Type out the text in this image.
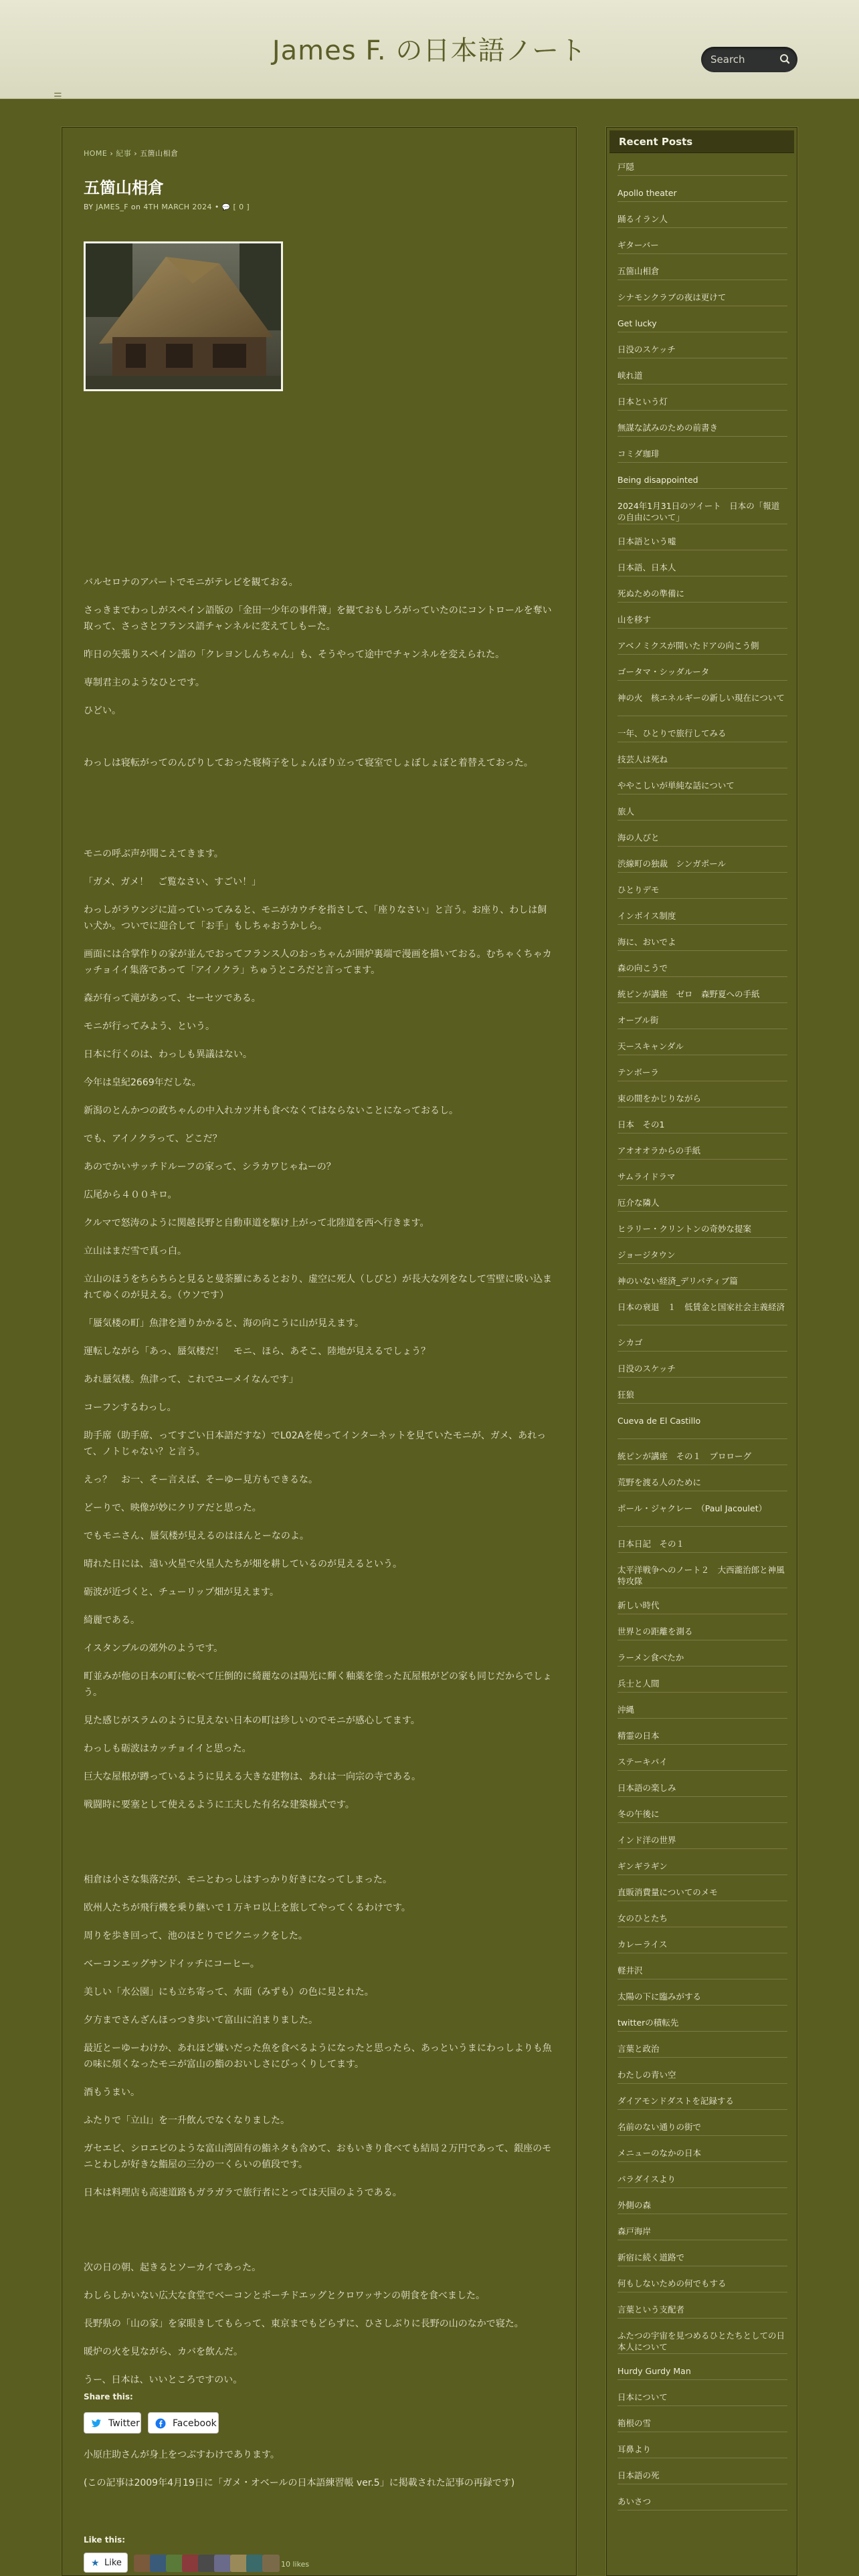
James F. の日本語ノート
Search
☰
HOME › 紀事 › 五箇山相倉
五箇山相倉
BY JAMES_F on 4TH MARCH 2024 • 💬 [ 0 ]

バルセロナのアパートでモニがテレビを観ておる。

さっきまでわっしがスペイン語版の「金田一少年の事件簿」を観ておもしろがっていたのにコントロールを奪い取って、さっさとフランス語チャンネルに変えてしもーた。

昨日の矢張りスペイン語の「クレヨンしんちゃん」も、そうやって途中でチャンネルを変えられた。

専制君主のようなひとです。

ひどい。

わっしは寝転がってのんびりしておった寝椅子をしょんぼり立って寝室でしょぼしょぼと着替えておった。

モニの呼ぶ声が聞こえてきます。

「ガメ、ガメ！　ご覧なさい、すごい！」

わっしがラウンジに這っていってみると、モニがカウチを指さして、「座りなさい」と言う。お座り、わしは飼い犬か。ついでに迎合して「お手」もしちゃおうかしら。

画面には合掌作りの家が並んでおってフランス人のおっちゃんが囲炉裏端で漫画を描いておる。むちゃくちゃカッチョイイ集落であって「アイノクラ」ちゅうところだと言ってます。

森が有って滝があって、セーセツである。

モニが行ってみよう、という。

日本に行くのは、わっしも異議はない。

今年は皇紀2669年だしな。

新潟のとんかつの政ちゃんの中入れカツ丼も食べなくてはならないことになっておるし。

でも、アイノクラって、どこだ？

あのでかいサッチドルーフの家って、シラカワじゃねーの？

広尾から４００キロ。

クルマで怒涛のように関越長野と自動車道を駆け上がって北陸道を西へ行きます。

立山はまだ雪で真っ白。

立山のほうをちらちらと見ると曼荼羅にあるとおり、虚空に死人（しびと）が長大な列をなして雪壁に吸い込まれてゆくのが見える。（ウソです）

「蜃気楼の町」魚津を通りかかると、海の向こうに山が見えます。

運転しながら「あっ、蜃気楼だ！　モニ、ほら、あそこ、陸地が見えるでしょう？

あれ蜃気楼。魚津って、これでユーメイなんです」

コーフンするわっし。

助手席（助手席、ってすごい日本語だすな）でL02Aを使ってインターネットを見ていたモニが、ガメ、あれって、ノトじゃない？と言う。

えっ？　お一、そー言えば、そーゆー見方もできるな。

どーりで、映像が妙にクリアだと思った。

でもモニさん、蜃気楼が見えるのはほんとーなのよ。

晴れた日には、遠い火星で火星人たちが畑を耕しているのが見えるという。

砺波が近づくと、チューリップ畑が見えます。

綺麗である。

イスタンブルの郊外のようです。

町並みが他の日本の町に較べて圧倒的に綺麗なのは陽光に輝く釉薬を塗った瓦屋根がどの家も同じだからでしょう。

見た感じがスラムのように見えない日本の町は珍しいのでモニが感心してます。

わっしも砺波はカッチョイイと思った。

巨大な屋根が蹲っているように見える大きな建物は、あれは一向宗の寺である。

戦闘時に要塞として使えるように工夫した有名な建築様式です。

相倉は小さな集落だが、モニとわっしはすっかり好きになってしまった。

欧州人たちが飛行機を乗り継いで１万キロ以上を旅してやってくるわけです。

周りを歩き回って、池のほとりでピクニックをした。

ベーコンエッグサンドイッチにコーヒー。

美しい「水公園」にも立ち寄って、水面（みずも）の色に見とれた。

夕方までさんざんほっつき歩いて富山に泊まりました。

最近とーゆーわけか、あれほど嫌いだった魚を食べるようになったと思ったら、あっというまにわっしよりも魚の味に煩くなったモニが富山の鮨のおいしさにびっくりしてます。

酒もうまい。

ふたりで「立山」を一升飲んでなくなりました。

ガセエビ、シロエビのような富山湾固有の鮨ネタも含めて、おもいきり食べても結局２万円であって、銀座のモニとわしが好きな鮨屋の三分の一くらいの値段です。

日本は料理店も高速道路もガラガラで旅行者にとっては天国のようである。

次の日の朝、起きるとソーカイであった。

わしらしかいない広大な食堂でベーコンとポーチドエッグとクロワッサンの朝食を食べました。

長野県の「山の家」を家眼きしてもらって、東京までもどらずに、ひさしぶりに長野の山のなかで寝た。

暖炉の火を見ながら、カバを飲んだ。

うー、日本は、いいところですのい。

小原庄助さんが身上をつぶすわけであります。

(この記事は2009年4月19日に「ガメ・オベールの日本語練習帳 ver.5」に掲載された記事の再録です)

Share this:
Twitter	Facebook
Like this:
★ Like	10 likes
Recent Posts
戸隠
Apollo theater
踊るイラン人
ギターバー
五箇山相倉
シナモンクラブの夜は更けて
Get lucky
日没のスケッチ
峡れ道
日本という灯
無謀な試みのための前書き
コミダ珈琲
Being disappointed
2024年1月31日のツイート　日本の「報道の自由について」
日本語という嘘
日本語、日本人
死ぬための準備に
山を移す
アベノミクスが開いたドアの向こう側
ゴータマ・シッダルータ
神の火　核エネルギーの新しい現在について
一年、ひとりで旅行してみる
技芸人は死ね
ややこしいが単純な話について
旅人
海の人びと
渋線町の独裁　シンガポール
ひとりデモ
インボイス制度
海に、おいでよ
森の向こうで
統ピンが講座　ゼロ　森野夏への手紙
オーブル街
天ースキャンダル
テンボーラ
束の間をかじりながら
日本　その1
アオオオラからの手紙
サムライドラマ
厄介な隣人
ヒラリー・クリントンの奇妙な提案
ジョージタウン
神のいない経済_デリバティブ篇
日本の衰退　１　低賃金と国家社会主義経済
シカゴ
日没のスケッチ
狂狼
Cueva de El Castillo
統ピンが講座　その１　プロローグ
荒野を渡る人のために
ポール・ジャクレー　（Paul Jacoulet）
日本日記　その１
太平洋戦争へのノート２　大西瀧治郎と神風特攻隊
新しい時代
世界との距離を測る
ラーメン食べたか
兵士と人間
沖縄
精霊の日本
ステーキパイ
日本語の楽しみ
冬の午後に
インド洋の世界
ギンギラギン
直販消費量についてのメモ
女のひとたち
カレーライス
軽井沢
太陽の下に臨みがする
twitterの積転先
言葉と政治
わたしの青い空
ダイアモンドダストを記録する
名前のない通りの街で
メニューのなかの日本
パラダイスより
外側の森
森戸海岸
新宿に続く道路で
何もしないための何でもする
言葉という支配者
ふたつの宇宙を見つめるひとたちとしての日本人について
Hurdy Gurdy Man
日本について
箱根の雪
耳鼻より
日本語の死
あいさつ
